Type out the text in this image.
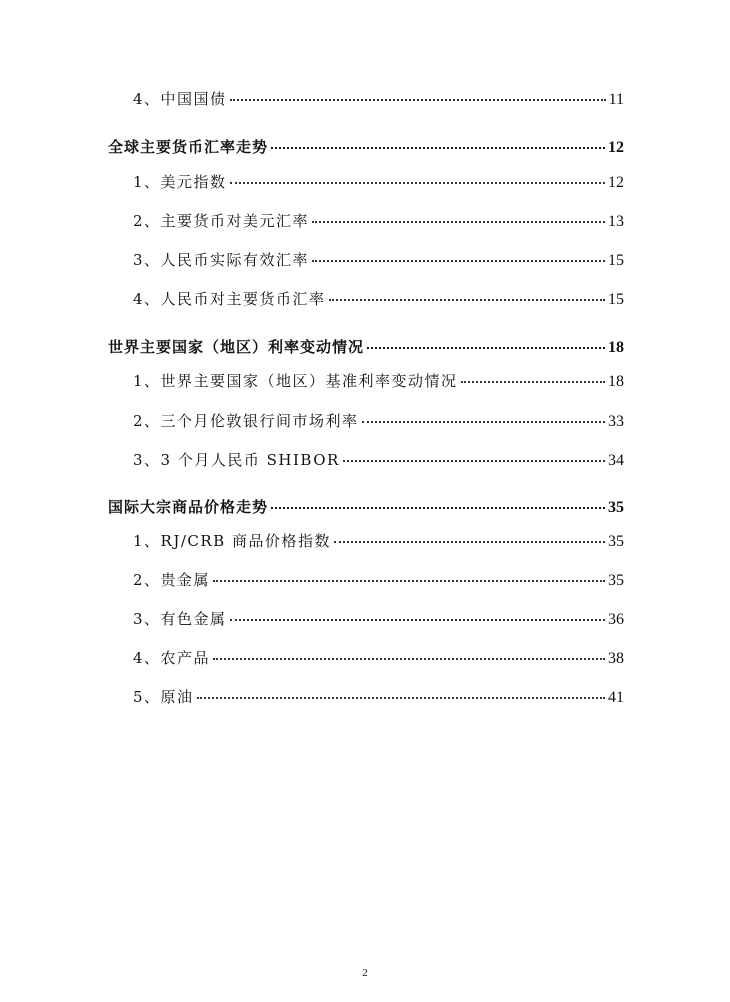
4、中国国债	11
全球主要货币汇率走势	12
1、美元指数	12
2、主要货币对美元汇率	13
3、人民币实际有效汇率	15
4、人民币对主要货币汇率	15
世界主要国家（地区）利率变动情况	18
1、世界主要国家（地区）基准利率变动情况	18
2、三个月伦敦银行间市场利率	33
3、3 个月人民币 SHIBOR	34
国际大宗商品价格走势	35
1、RJ/CRB 商品价格指数	35
2、贵金属	35
3、有色金属	36
4、农产品	38
5、原油	41
2
